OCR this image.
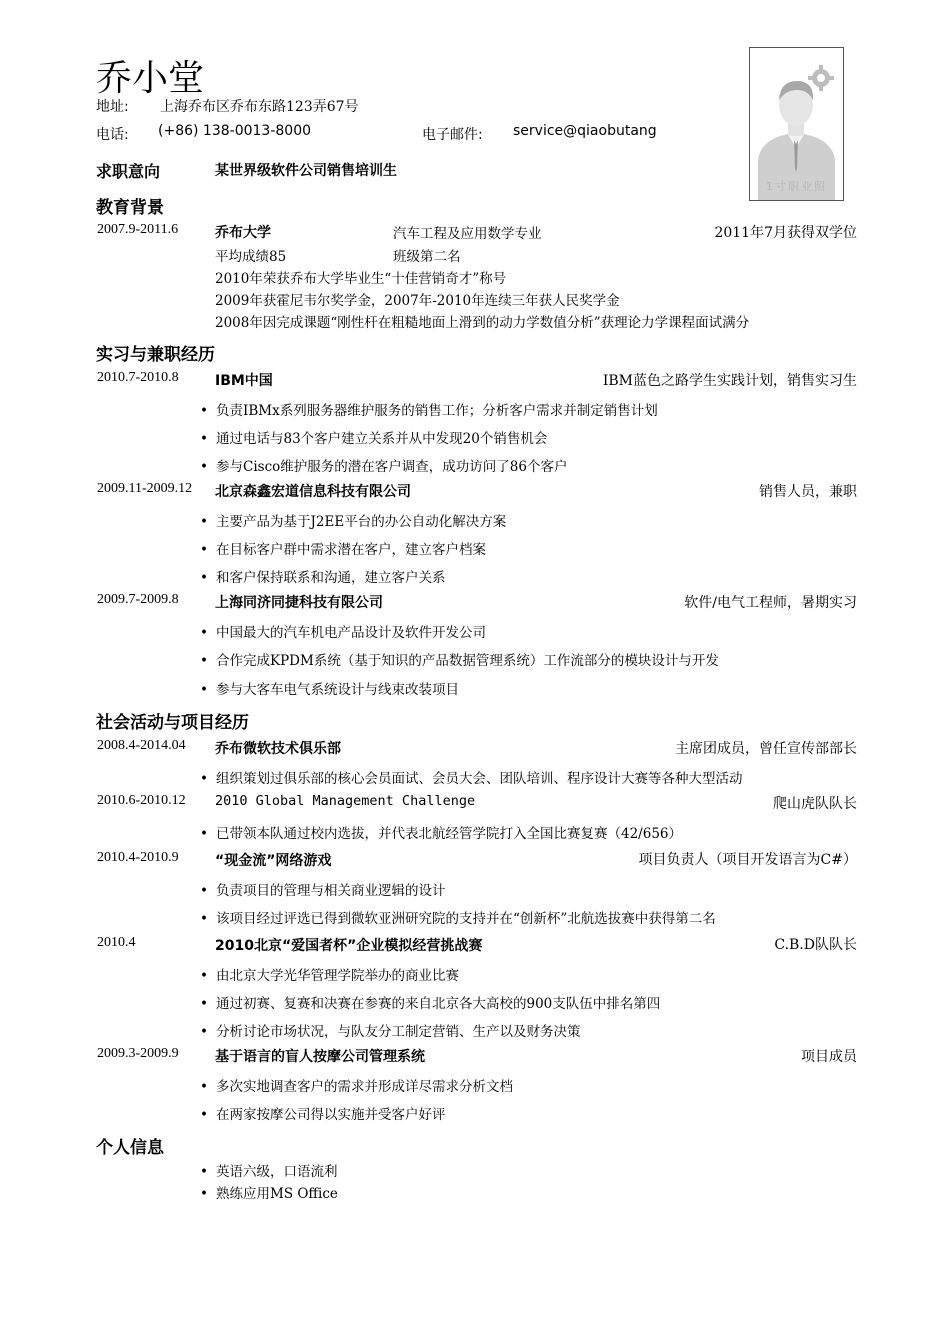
乔小堂
地址: 上海乔布区乔布东路123弄67号
电话: (+86) 138-0013-8000	电子邮件: service@qiaobutang
1寸职业照
求职意向	某世界级软件公司销售培训生
教育背景
2007.9-2011.6	乔布大学	汽车工程及应用数学专业	2011年7月获得双学位
平均成绩85	班级第二名
2010年荣获乔布大学毕业生“十佳营销奇才”称号
2009年获霍尼韦尔奖学金，2007年-2010年连续三年获人民奖学金
2008年因完成课题“刚性杆在粗糙地面上滑到的动力学数值分析”获理论力学课程面试满分
实习与兼职经历
2010.7-2010.8	IBM中国	IBM蓝色之路学生实践计划，销售实习生
• 负责IBMx系列服务器维护服务的销售工作；分析客户需求并制定销售计划
• 通过电话与83个客户建立关系并从中发现20个销售机会
• 参与Cisco维护服务的潜在客户调查，成功访问了86个客户
2009.11-2009.12 北京森鑫宏道信息科技有限公司	销售人员，兼职
• 主要产品为基于J2EE平台的办公自动化解决方案
• 在目标客户群中需求潜在客户，建立客户档案
• 和客户保持联系和沟通，建立客户关系
2009.7-2009.8	上海同济同捷科技有限公司	软件/电气工程师，暑期实习
• 中国最大的汽车机电产品设计及软件开发公司
• 合作完成KPDM系统（基于知识的产品数据管理系统）工作流部分的模块设计与开发
• 参与大客车电气系统设计与线束改装项目
社会活动与项目经历
2008.4-2014.04 乔布微软技术俱乐部	主席团成员，曾任宣传部部长
• 组织策划过俱乐部的核心会员面试、会员大会、团队培训、程序设计大赛等各种大型活动
2010.6-2010.12 2010 Global Management Challenge	爬山虎队队长
• 已带领本队通过校内选拔，并代表北航经管学院打入全国比赛复赛（42/656）
2010.4-2010.9	“现金流”网络游戏	项目负责人（项目开发语言为C#）
• 负责项目的管理与相关商业逻辑的设计
• 该项目经过评选已得到微软亚洲研究院的支持并在“创新杯”北航选拔赛中获得第二名
2010.4	2010北京“爱国者杯”企业模拟经营挑战赛	C.B.D队队长
• 由北京大学光华管理学院举办的商业比赛
• 通过初赛、复赛和决赛在参赛的来自北京各大高校的900支队伍中排名第四
• 分析讨论市场状况，与队友分工制定营销、生产以及财务决策
2009.3-2009.9	基于语言的盲人按摩公司管理系统	项目成员
• 多次实地调查客户的需求并形成详尽需求分析文档
• 在两家按摩公司得以实施并受客户好评
个人信息
• 英语六级，口语流利
• 熟练应用MS Office
